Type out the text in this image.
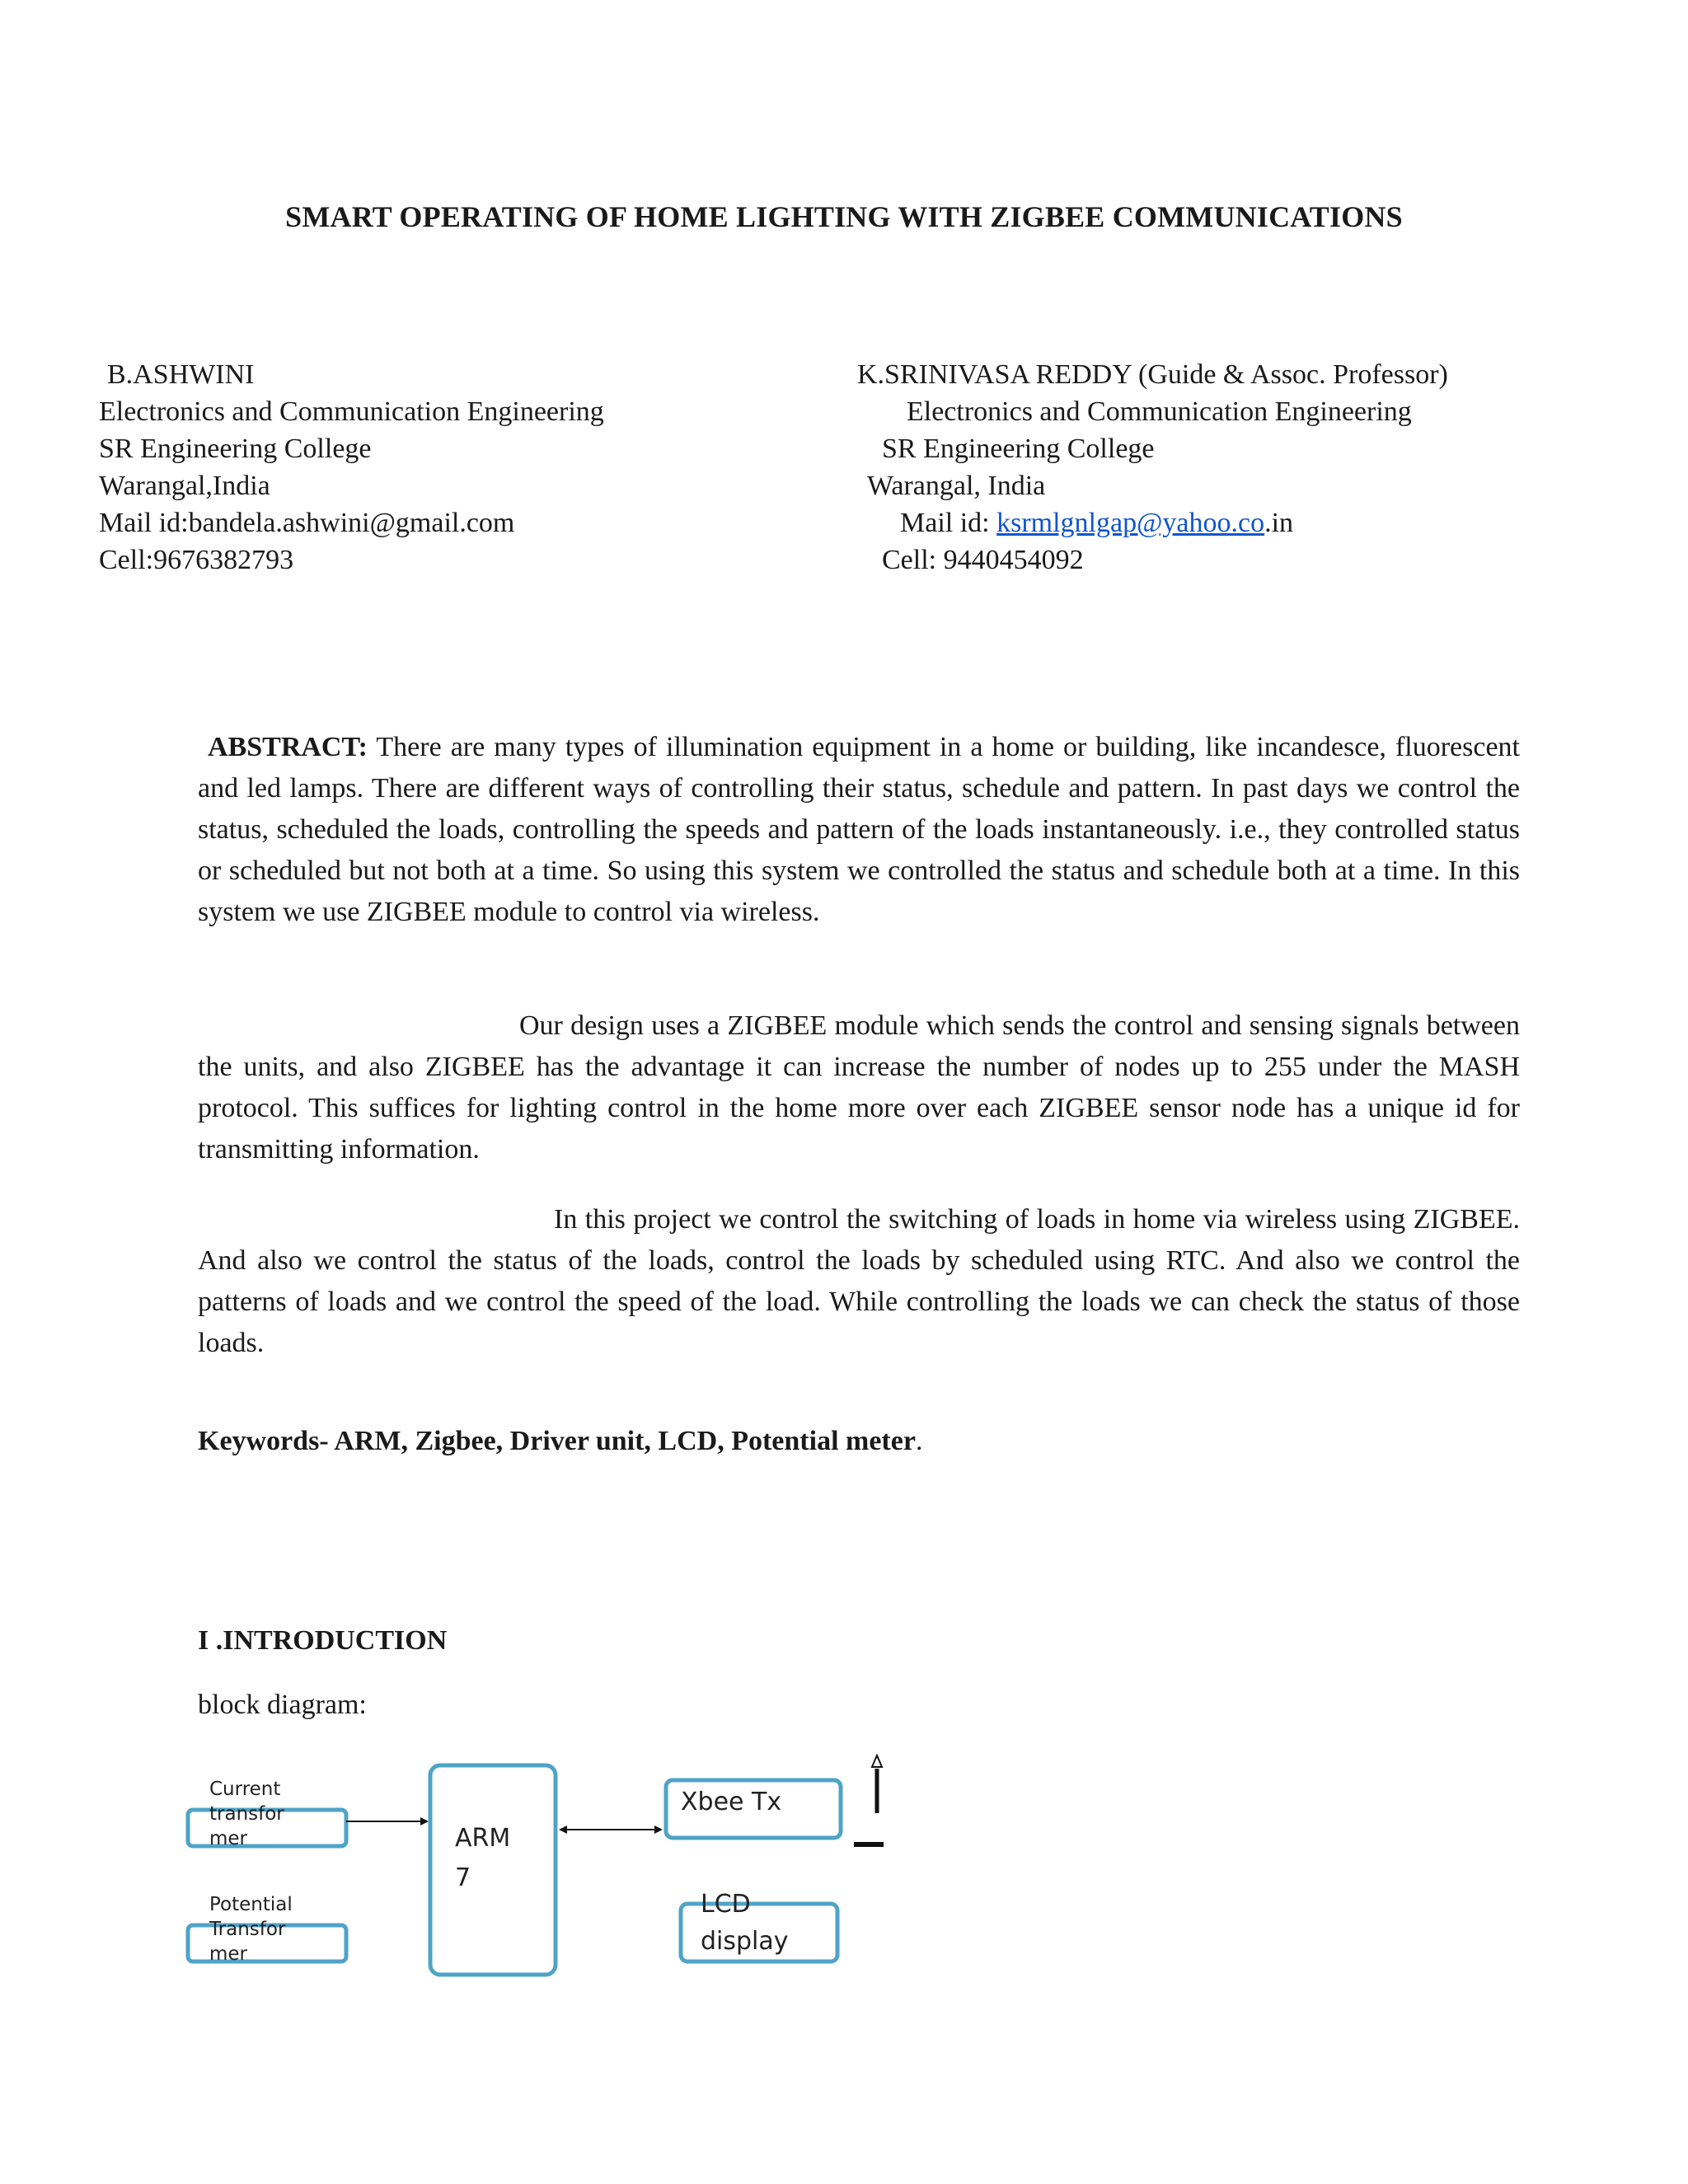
SMART OPERATING OF HOME LIGHTING WITH ZIGBEE COMMUNICATIONS
B.ASHWINI
Electronics and Communication Engineering
SR Engineering College
Warangal,India
Mail id:bandela.ashwini@gmail.com
Cell:9676382793
K.SRINIVASA REDDY (Guide & Assoc. Professor)
Electronics and Communication Engineering
SR Engineering College
Warangal, India
Mail id: ksrmlgnlgap@yahoo.co.in
Cell: 9440454092

ABSTRACT: There are many types of illumination equipment in a home or building, like incandesce, fluorescent and led lamps. There are different ways of controlling their status, schedule and pattern. In past days we control the status, scheduled the loads, controlling the speeds and pattern of the loads instantaneously. i.e., they controlled status or scheduled but not both at a time. So using this system we controlled the status and schedule both at a time. In this system we use ZIGBEE module to control via wireless.

Our design uses a ZIGBEE module which sends the control and sensing signals between the units, and also ZIGBEE has the advantage it can increase the number of nodes up to 255 under the MASH protocol. This suffices for lighting control in the home more over each ZIGBEE sensor node has a unique id for transmitting information.

In this project we control the switching of loads in home via wireless using ZIGBEE. And also we control the status of the loads, control the loads by scheduled using RTC. And also we control the patterns of loads and we control the speed of the load. While controlling the loads we can check the status of those loads.

Keywords- ARM, Zigbee, Driver unit, LCD, Potential meter.
I .INTRODUCTION
block diagram:
Current
transfor
mer
Potential
Transfor
mer
ARM
7
Xbee Tx
LCD
display
